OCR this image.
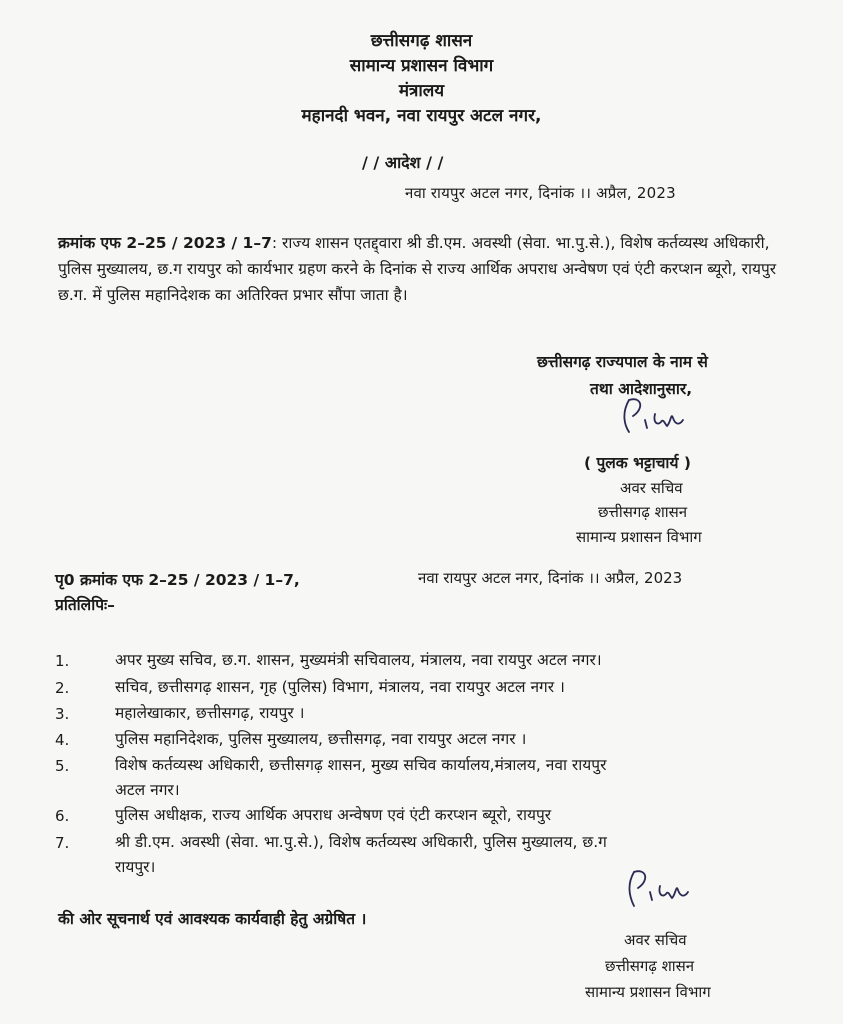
छत्तीसगढ़ शासन
सामान्य प्रशासन विभाग
मंत्रालय
महानदी भवन, नवा रायपुर अटल नगर,
/ / आदेश / /
नवा रायपुर अटल नगर, दिनांक ।। अप्रैल, 2023
क्रमांक एफ 2–25 / 2023 / 1–7: राज्य शासन एतद्द्वारा श्री डी.एम. अवस्थी (सेवा. भा.पु.से.), विशेष कर्तव्यस्थ अधिकारी, पुलिस मुख्यालय, छ.ग रायपुर को कार्यभार ग्रहण करने के दिनांक से राज्य आर्थिक अपराध अन्वेषण एवं एंटी करप्शन ब्यूरो, रायपुर छ.ग. में पुलिस महानिदेशक का अतिरिक्त प्रभार सौंपा जाता है।
छत्तीसगढ़ राज्यपाल के नाम से
तथा आदेशानुसार,
( पुलक भट्टाचार्य )
अवर सचिव
छत्तीसगढ़ शासन
सामान्य प्रशासन विभाग
पृ0 क्रमांक एफ 2–25 / 2023 / 1–7,	नवा रायपुर अटल नगर, दिनांक ।। अप्रैल, 2023
प्रतिलिपिः–
1.	अपर मुख्य सचिव, छ.ग. शासन, मुख्यमंत्री सचिवालय, मंत्रालय, नवा रायपुर अटल नगर।
2.	सचिव, छत्तीसगढ़ शासन, गृह (पुलिस) विभाग, मंत्रालय, नवा रायपुर अटल नगर ।
3.	महालेखाकार, छत्तीसगढ़, रायपुर ।
4.	पुलिस महानिदेशक, पुलिस मुख्यालय, छत्तीसगढ़, नवा रायपुर अटल नगर ।
5.	विशेष कर्तव्यस्थ अधिकारी, छत्तीसगढ़ शासन, मुख्य सचिव कार्यालय,मंत्रालय, नवा रायपुर
अटल नगर।
6.	पुलिस अधीक्षक, राज्य आर्थिक अपराध अन्वेषण एवं एंटी करप्शन ब्यूरो, रायपुर
7.	श्री डी.एम. अवस्थी (सेवा. भा.पु.से.), विशेष कर्तव्यस्थ अधिकारी, पुलिस मुख्यालय, छ.ग
रायपुर।
की ओर सूचनार्थ एवं आवश्यक कार्यवाही हेतु अग्रेषित ।
अवर सचिव
छत्तीसगढ़ शासन
सामान्य प्रशासन विभाग
